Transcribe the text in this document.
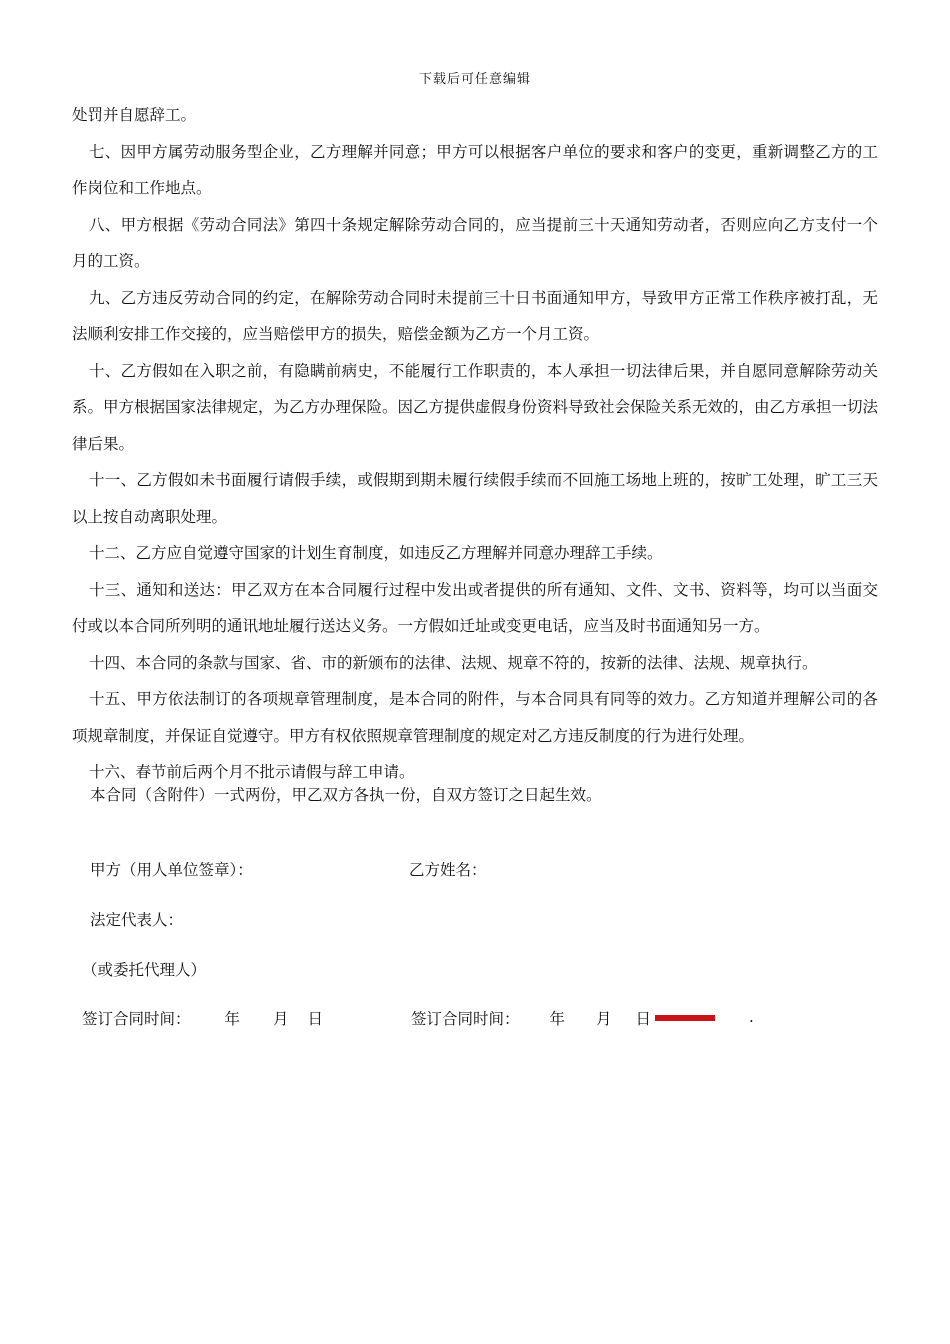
下载后可任意编辑

处罚并自愿辞工。

七、因甲方属劳动服务型企业，乙方理解并同意；甲方可以根据客户单位的要求和客户的变更，重新调整乙方的工作岗位和工作地点。

八、甲方根据《劳动合同法》第四十条规定解除劳动合同的，应当提前三十天通知劳动者，否则应向乙方支付一个月的工资。

九、乙方违反劳动合同的约定，在解除劳动合同时未提前三十日书面通知甲方，导致甲方正常工作秩序被打乱，无法顺利安排工作交接的，应当赔偿甲方的损失，赔偿金额为乙方一个月工资。

十、乙方假如在入职之前，有隐瞒前病史，不能履行工作职责的，本人承担一切法律后果，并自愿同意解除劳动关系。甲方根据国家法律规定，为乙方办理保险。因乙方提供虚假身份资料导致社会保险关系无效的，由乙方承担一切法律后果。

十一、乙方假如未书面履行请假手续，或假期到期未履行续假手续而不回施工场地上班的，按旷工处理，旷工三天以上按自动离职处理。

十二、乙方应自觉遵守国家的计划生育制度，如违反乙方理解并同意办理辞工手续。

十三、通知和送达：甲乙双方在本合同履行过程中发出或者提供的所有通知、文件、文书、资料等，均可以当面交付或以本合同所列明的通讯地址履行送达义务。一方假如迁址或变更电话，应当及时书面通知另一方。

十四、本合同的条款与国家、省、市的新颁布的法律、法规、规章不符的，按新的法律、法规、规章执行。

十五、甲方依法制订的各项规章管理制度，是本合同的附件，与本合同具有同等的效力。乙方知道并理解公司的各项规章制度，并保证自觉遵守。甲方有权依照规章管理制度的规定对乙方违反制度的行为进行处理。

十六、春节前后两个月不批示请假与辞工申请。

本合同（含附件）一式两份，甲乙双方各执一份，自双方签订之日起生效。
甲方（用人单位签章）：	乙方姓名：
法定代表人：
（或委托代理人）
签订合同时间： 年 月 日	签订合同时间： 年 月 日	.
